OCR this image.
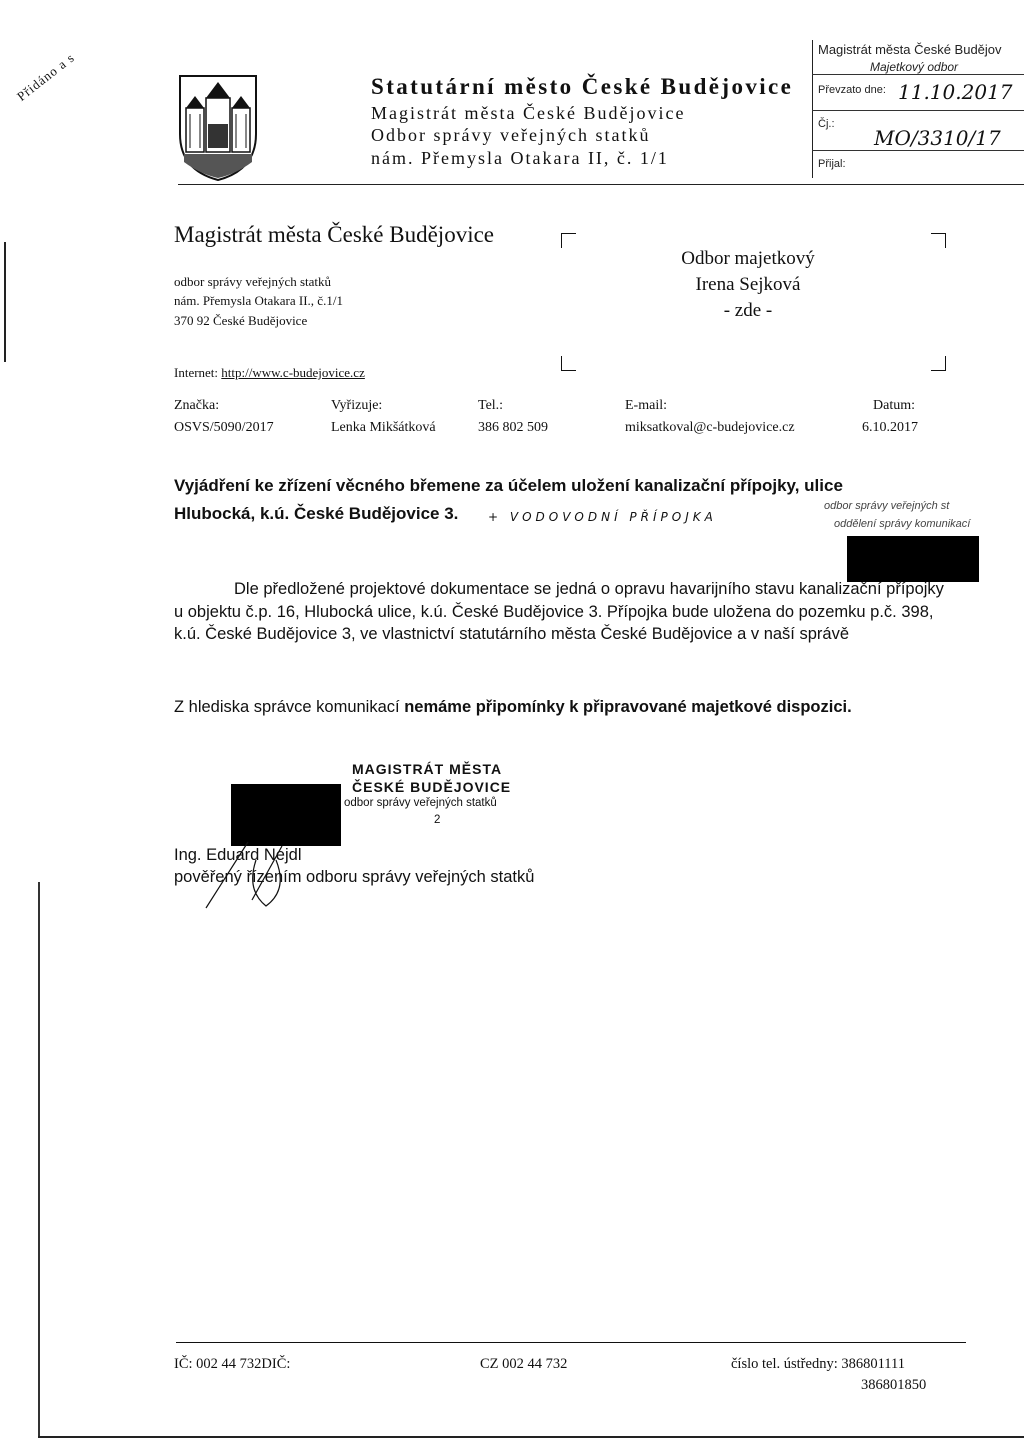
Přidáno a s	Statutární město České Budějovice
Magistrát města České Budějovice
Odbor správy veřejných statků
nám. Přemysla Otakara II, č. 1/1
Magistrát města České Budějov
Majetkový odbor
Převzato dne: 11.10.2017
Čj.:
MO/3310/17
Přijal:
Magistrát města České Budějovice
odbor správy veřejných statků
nám. Přemysla Otakara II., č.1/1
370 92 České Budějovice
Internet: http://www.c-budejovice.cz
Odbor majetkový
Irena Sejková
- zde -
Značka:
OSVS/5090/2017
Vyřizuje:
Lenka Mikšátková
Tel.:
386 802 509
E-mail:
miksatkoval@c-budejovice.cz
Datum:
6.10.2017
Vyjádření ke zřízení věcného břemene za účelem uložení kanalizační přípojky, ulice
Hlubocká, k.ú. České Budějovice 3. + VODOVODNÍ PŘÍPOJKA
odbor správy veřejných st
oddělení správy komunikací
Dle předložené projektové dokumentace se jedná o opravu havarijního stavu kanalizační přípojky u objektu č.p. 16, Hlubocká ulice, k.ú. České Budějovice 3. Přípojka bude uložena do pozemku p.č. 398, k.ú. České Budějovice 3, ve vlastnictví statutárního města České Budějovice a v naší správě
Z hlediska správce komunikací nemáme připomínky k připravované majetkové dispozici.
MAGISTRÁT MĚSTA
ČESKÉ BUDĚJOVICE
odbor správy veřejných statků
2
Ing. Eduard Nejdl
pověřený řízením odboru správy veřejných statků
IČ: 002 44 732DIČ:	CZ 002 44 732	číslo tel. ústředny: 386801111
386801850
